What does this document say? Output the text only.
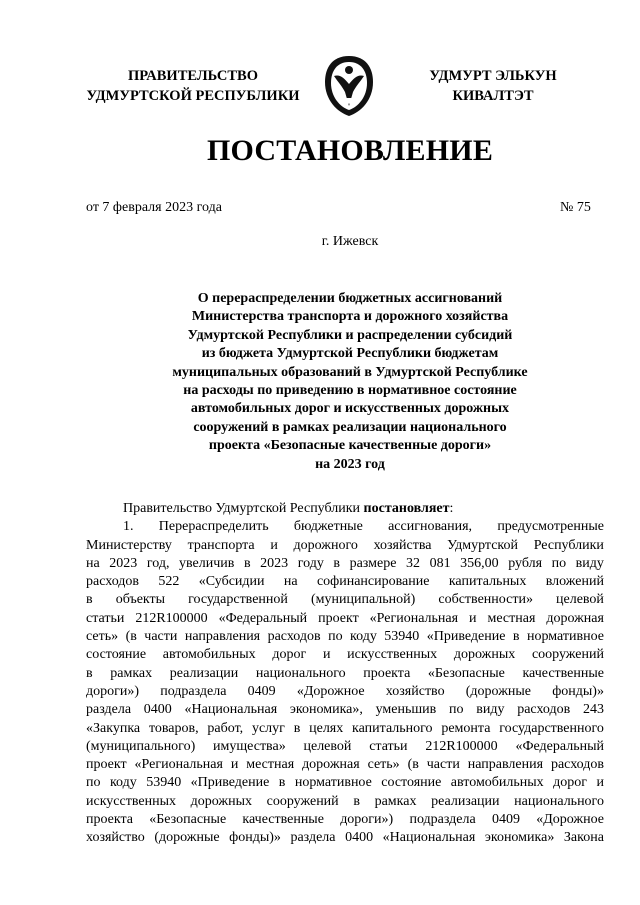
ПРАВИТЕЛЬСТВО
УДМУРТСКОЙ РЕСПУБЛИКИ
УДМУРТ ЭЛЬКУН
КИВАЛТЭТ
ПОСТАНОВЛЕНИЕ
от 7 февраля 2023 года	№ 75
г. Ижевск
О перераспределении бюджетных ассигнований
Министерства транспорта и дорожного хозяйства
Удмуртской Республики и распределении субсидий
из бюджета Удмуртской Республики бюджетам
муниципальных образований в Удмуртской Республике
на расходы по приведению в нормативное состояние
автомобильных дорог и искусственных дорожных
сооружений в рамках реализации национального
проекта «Безопасные качественные дороги»
на 2023 год
Правительство Удмуртской Республики постановляет:
1. Перераспределить бюджетные ассигнования, предусмотренные
Министерству транспорта и дорожного хозяйства Удмуртской Республики
на 2023 год, увеличив в 2023 году в размере 32 081 356,00 рубля по виду
расходов 522 «Субсидии на софинансирование капитальных вложений
в объекты государственной (муниципальной) собственности» целевой
статьи 212R100000 «Федеральный проект «Региональная и местная дорожная
сеть» (в части направления расходов по коду 53940 «Приведение в нормативное
состояние автомобильных дорог и искусственных дорожных сооружений
в рамках реализации национального проекта «Безопасные качественные
дороги») подраздела 0409 «Дорожное хозяйство (дорожные фонды)»
раздела 0400 «Национальная экономика», уменьшив по виду расходов 243
«Закупка товаров, работ, услуг в целях капитального ремонта государственного
(муниципального) имущества» целевой статьи 212R100000 «Федеральный
проект «Региональная и местная дорожная сеть» (в части направления расходов
по коду 53940 «Приведение в нормативное состояние автомобильных дорог и
искусственных дорожных сооружений в рамках реализации национального
проекта «Безопасные качественные дороги») подраздела 0409 «Дорожное
хозяйство (дорожные фонды)» раздела 0400 «Национальная экономика» Закона
